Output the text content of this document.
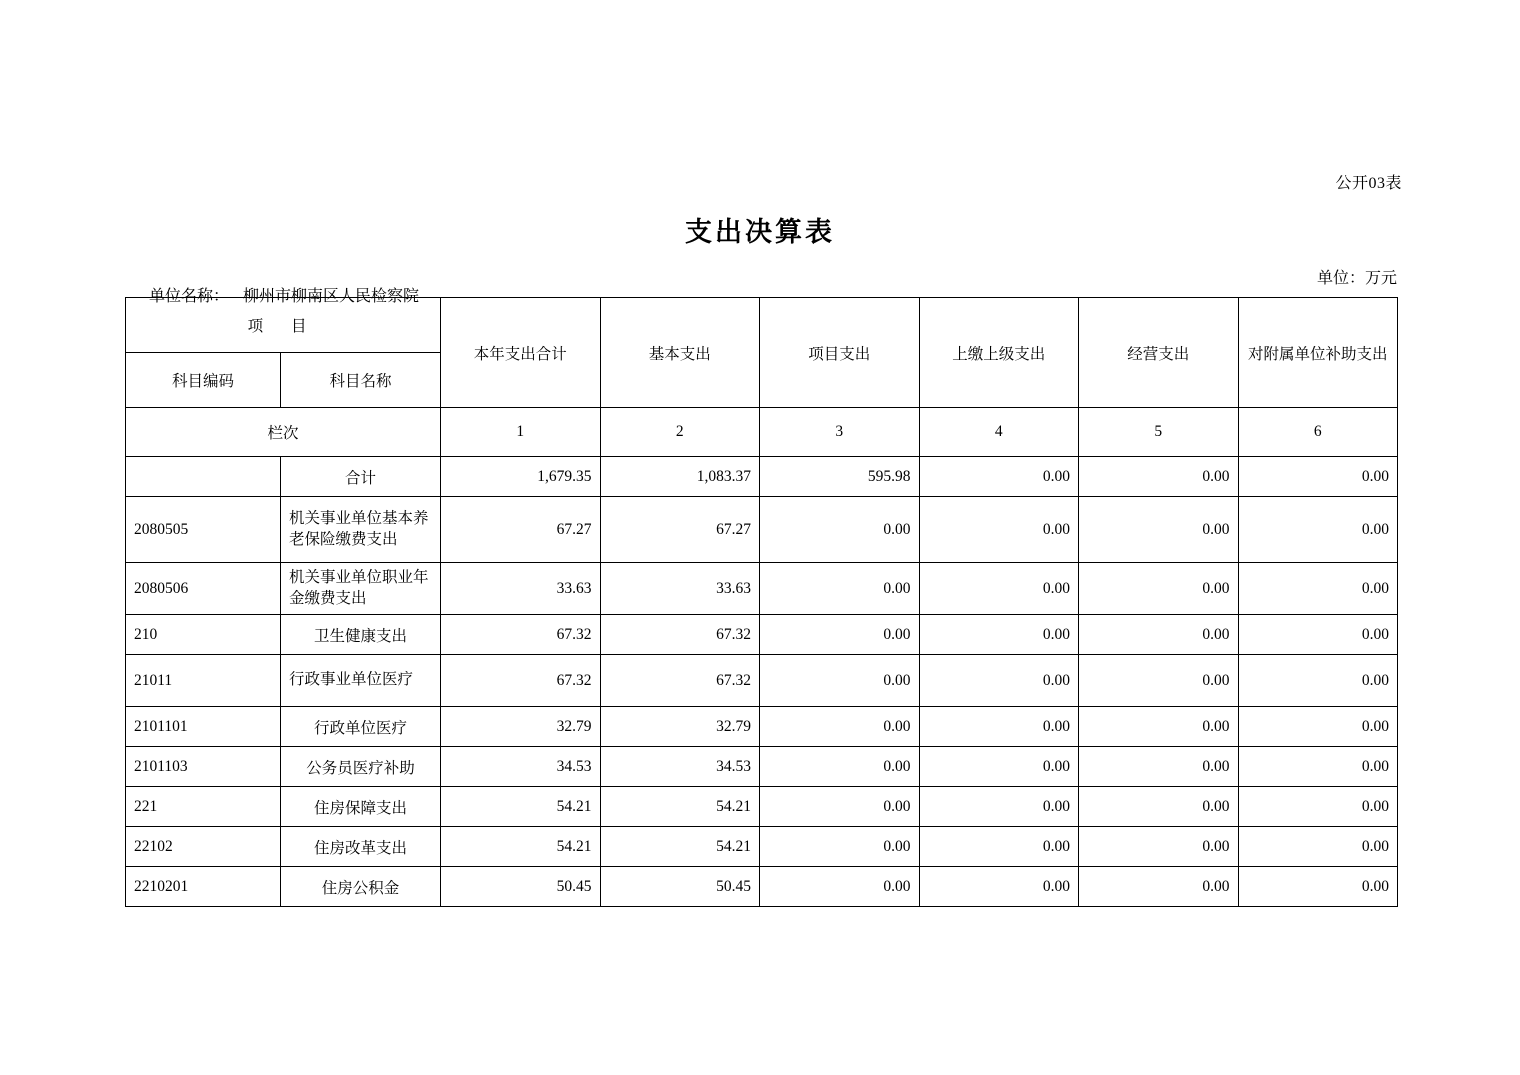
公开03表
支出决算表

单位名称： 柳州市柳南区人民检察院

单位：万元
项 目		本年支出合计	基本支出	项目支出	上缴上级支出	经营支出	对附属单位补助支出
科目编码	科目名称						
栏次		1	2	3	4	5	6
	合计	1,679.35	1,083.37	595.98	0.00	0.00	0.00
2080505	机关事业单位基本养老保险缴费支出	67.27	67.27	0.00	0.00	0.00	0.00
2080506	机关事业单位职业年金缴费支出	33.63	33.63	0.00	0.00	0.00	0.00
210	卫生健康支出	67.32	67.32	0.00	0.00	0.00	0.00
21011	行政事业单位医疗	67.32	67.32	0.00	0.00	0.00	0.00
2101101	行政单位医疗	32.79	32.79	0.00	0.00	0.00	0.00
2101103	公务员医疗补助	34.53	34.53	0.00	0.00	0.00	0.00
221	住房保障支出	54.21	54.21	0.00	0.00	0.00	0.00
22102	住房改革支出	54.21	54.21	0.00	0.00	0.00	0.00
2210201	住房公积金	50.45	50.45	0.00	0.00	0.00	0.00
